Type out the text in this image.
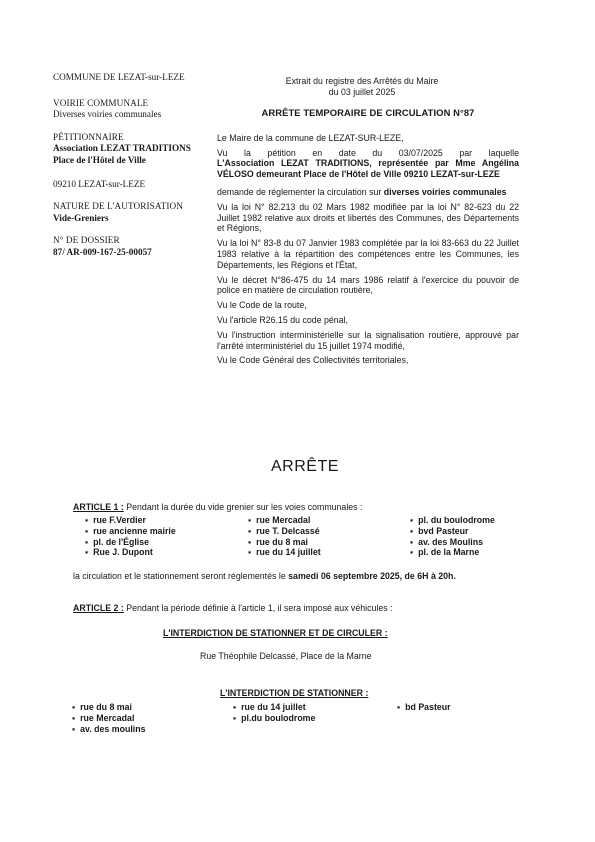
COMMUNE DE LEZAT-sur-LEZE
VOIRIE COMMUNALE
Diverses voiries communales
PÉTITIONNAIRE
Association LEZAT TRADITIONS
Place de l'Hôtel de Ville
09210 LEZAT-sur-LEZE
NATURE DE L'AUTORISATION
Vide-Greniers
N° DE DOSSIER
87/ AR-009-167-25-00057
Extrait du registre des Arrêtés du Maire
du 03 juillet 2025
ARRÊTE TEMPORAIRE DE CIRCULATION N°87

Le Maire de la commune de LEZAT-SUR-LEZE,

Vu la pétition en date du 03/07/2025 par laquelle

L'Association LEZAT TRADITIONS, représentée par Mme Angélina VÉLOSO demeurant Place de l'Hôtel de Ville 09210 LEZAT-sur-LEZE

demande de réglementer la circulation sur diverses voiries communales

Vu la loi N° 82.213 du 02 Mars 1982 modifiée par la loi N° 82-623 du 22 Juillet 1982 relative aux droits et libertés des Communes, des Départements et Régions,

Vu la loi N° 83-8 du 07 Janvier 1983 complétée par la loi 83-663 du 22 Juillet 1983 relative à la répartition des compétences entre les Communes, les Départements, les Régions et l'État,

Vu le décret N°86-475 du 14 mars 1986 relatif à l'exercice du pouvoir de police en matière de circulation routière,

Vu le Code de la route,

Vu l'article R26.15 du code pénal,

Vu l'instruction interministérielle sur la signalisation routière, approuvé par l'arrêté interministériel du 15 juillet 1974 modifié,

Vu le Code Général des Collectivités territoriales,

ARRÊTE
ARTICLE 1 : Pendant la durée du vide grenier sur les voies communales :
▪ rue F.Verdier
▪ rue ancienne mairie
▪ pl. de l'Église
▪ Rue J. Dupont
▪ rue Mercadal
▪ rue T. Delcassé
▪ rue du 8 mai
▪ rue du 14 juillet
▪ pl. du boulodrome
▪ bvd Pasteur
▪ av. des Moulins
▪ pl. de la Marne
la circulation et le stationnement seront réglementés le samedi 06 septembre 2025, de 6H à 20h.
ARTICLE 2 : Pendant la période définie à l'article 1, il sera imposé aux véhicules :
L'INTERDICTION DE STATIONNER ET DE CIRCULER :
Rue Théophile Delcassé, Place de la Marne
L'INTERDICTION DE STATIONNER :
▪ rue du 8 mai
▪ rue Mercadal
▪ av. des moulins
▪ rue du 14 juillet
▪ pl.du boulodrome
▪ bd Pasteur
